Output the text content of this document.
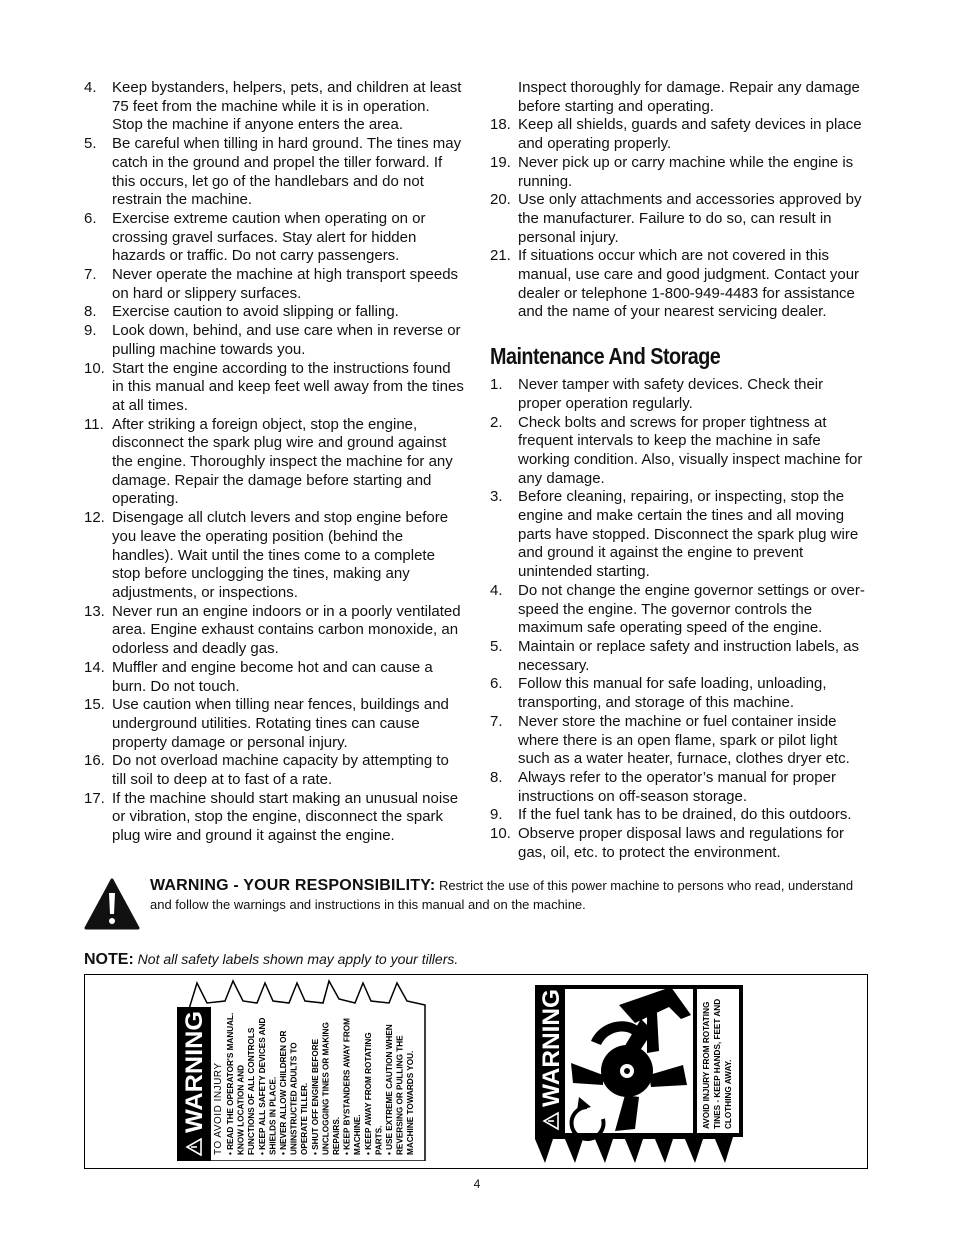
4. Keep bystanders, helpers, pets, and children at least 75 feet from the machine while it is in operation. Stop the machine if anyone enters the area.
5. Be careful when tilling in hard ground. The tines may catch in the ground and propel the tiller forward. If this occurs, let go of the handlebars and do not restrain the machine.
6. Exercise extreme caution when operating on or crossing gravel surfaces. Stay alert for hidden hazards or traffic. Do not carry passengers.
7. Never operate the machine at high transport speeds on hard or slippery surfaces.
8. Exercise caution to avoid slipping or falling.
9. Look down, behind, and use care when in reverse or pulling machine towards you.
10. Start the engine according to the instructions found in this manual and keep feet well away from the tines at all times.
11. After striking a foreign object, stop the engine, disconnect the spark plug wire and ground against the engine. Thoroughly inspect the machine for any damage. Repair the damage before starting and operating.
12. Disengage all clutch levers and stop engine before you leave the operating position (behind the handles). Wait until the tines come to a complete stop before unclogging the tines, making any adjustments, or inspections.
13. Never run an engine indoors or in a poorly ventilated area. Engine exhaust contains carbon monoxide, an odorless and deadly gas.
14. Muffler and engine become hot and can cause a burn. Do not touch.
15. Use caution when tilling near fences, buildings and underground utilities. Rotating tines can cause property damage or personal injury.
16. Do not overload machine capacity by attempting to till soil to deep at to fast of a rate.
17. If the machine should start making an unusual noise or vibration, stop the engine, disconnect the spark plug wire and ground it against the engine.
Inspect thoroughly for damage. Repair any damage before starting and operating.
18. Keep all shields, guards and safety devices in place and operating properly.
19. Never pick up or carry machine while the engine is running.
20. Use only attachments and accessories approved by the manufacturer. Failure to do so, can result in personal injury.
21. If situations occur which are not covered in this manual, use care and good judgment. Contact your dealer or telephone 1-800-949-4483 for assistance and the name of your nearest servicing dealer.
Maintenance And Storage
1. Never tamper with safety devices. Check their proper operation regularly.
2. Check bolts and screws for proper tightness at frequent intervals to keep the machine in safe working condition. Also, visually inspect machine for any damage.
3. Before cleaning, repairing, or inspecting, stop the engine and make certain the tines and all moving parts have stopped. Disconnect the spark plug wire and ground it against the engine to prevent unintended starting.
4. Do not change the engine governor settings or over-speed the engine. The governor controls the maximum safe operating speed of the engine.
5. Maintain or replace safety and instruction labels, as necessary.
6. Follow this manual for safe loading, unloading, transporting, and storage of this machine.
7. Never store the machine or fuel container inside where there is an open flame, spark or pilot light such as a water heater, furnace, clothes dryer etc.
8. Always refer to the operator’s manual for proper instructions on off-season storage.
9. If the fuel tank has to be drained, do this outdoors.
10. Observe proper disposal laws and regulations for gas, oil, etc. to protect the environment.
WARNING - YOUR RESPONSIBILITY: Restrict the use of this power machine to persons who read, understand and follow the warnings and instructions in this manual and on the machine.
NOTE: Not all safety labels shown may apply to your tillers.
WARNING TO AVOID INJURY • READ THE OPERATOR'S MANUAL. KNOW LOCATION AND FUNCTIONS OF ALL CONTROLS • KEEP ALL SAFETY DEVICES AND SHIELDS IN PLACE. • NEVER ALLOW CHILDREN OR UNINSTRUCTED ADULTS TO OPERATE TILLER. • SHUT OFF ENGINE BEFORE UNCLOGGING TINES OR MAKING REPAIRS. • KEEP BYSTANDERS AWAY FROM MACHINE. • KEEP AWAY FROM ROTATING PARTS. • USE EXTREME CAUTION WHEN REVERSING OR PULLING THE MACHINE TOWARDS YOU.	WARNING	AVOID INJURY FROM ROTATING TINES - KEEP HANDS, FEET AND CLOTHING AWAY.
4
